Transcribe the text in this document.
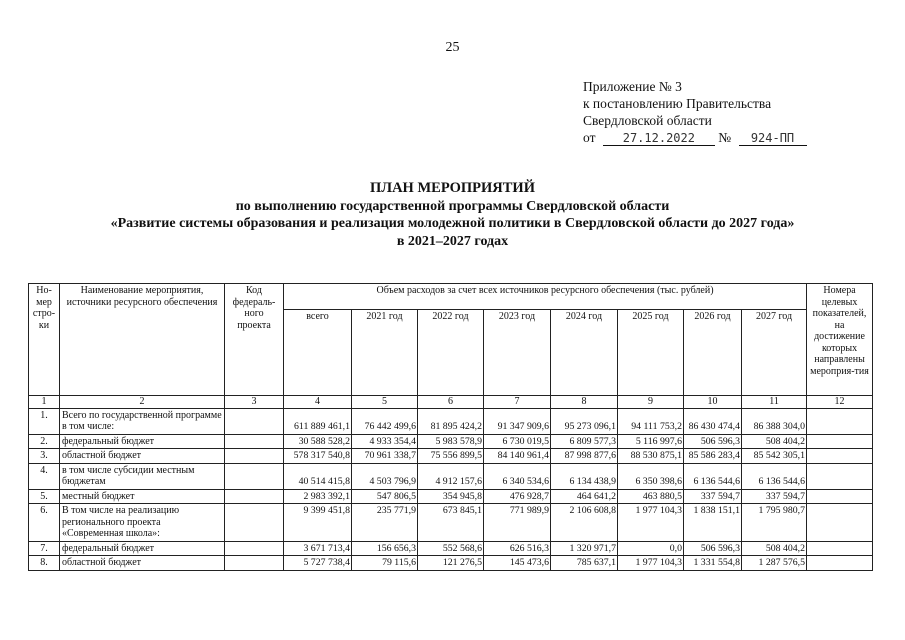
25
Приложение № 3
к постановлению Правительства
Свердловской области
от 27.12.2022 № 924-ПП
ПЛАН МЕРОПРИЯТИЙ
по выполнению государственной программы Свердловской области
«Развитие системы образования и реализация молодежной политики в Свердловской области до 2027 года»
в 2021–2027 годах
Но-мер стро-ки	Наименование мероприятия, источники ресурсного обеспечения	Код федераль-ного проекта	Объем расходов за счет всех источников ресурсного обеспечения (тыс. рублей)								Номера целевых показателей, на достижение которых направлены мероприя-тия
			всего	2021 год	2022 год	2023 год	2024 год	2025 год	2026 год	2027 год	
1	2	3	4	5	6	7	8	9	10	11	12
1.	Всего по государственной программе в том числе:		611 889 461,1	76 442 499,6	81 895 424,2	91 347 909,6	95 273 096,1	94 111 753,2	86 430 474,4	86 388 304,0	
2.	федеральный бюджет		30 588 528,2	4 933 354,4	5 983 578,9	6 730 019,5	6 809 577,3	5 116 997,6	506 596,3	508 404,2	
3.	областной бюджет		578 317 540,8	70 961 338,7	75 556 899,5	84 140 961,4	87 998 877,6	88 530 875,1	85 586 283,4	85 542 305,1	
4.	в том числе субсидии местным бюджетам		40 514 415,8	4 503 796,9	4 912 157,6	6 340 534,6	6 134 438,9	6 350 398,6	6 136 544,6	6 136 544,6	
5.	местный бюджет		2 983 392,1	547 806,5	354 945,8	476 928,7	464 641,2	463 880,5	337 594,7	337 594,7	
6.	В том числе на реализацию регионального проекта «Современная школа»:		9 399 451,8	235 771,9	673 845,1	771 989,9	2 106 608,8	1 977 104,3	1 838 151,1	1 795 980,7	
7.	федеральный бюджет		3 671 713,4	156 656,3	552 568,6	626 516,3	1 320 971,7	0,0	506 596,3	508 404,2	
8.	областной бюджет		5 727 738,4	79 115,6	121 276,5	145 473,6	785 637,1	1 977 104,3	1 331 554,8	1 287 576,5	
